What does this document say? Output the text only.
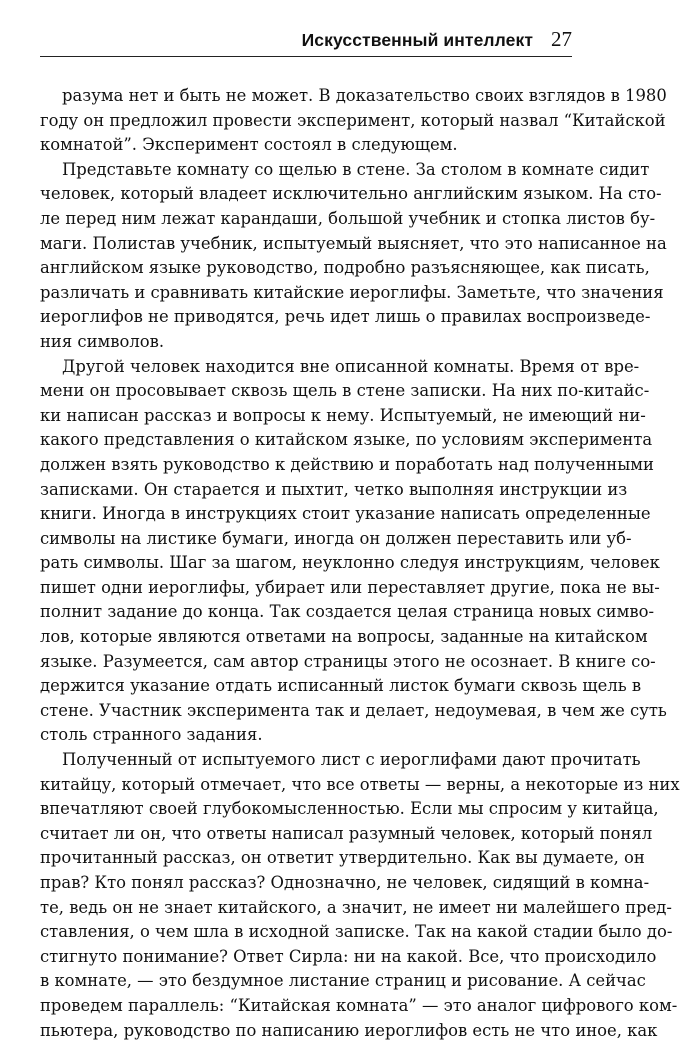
Искусственный интеллект 27

разума нет и быть не может. В доказательство своих взглядов в 1980
году он предложил провести эксперимент, который назвал “Китайской
комнатой”. Эксперимент состоял в следующем.

Представьте комнату со щелью в стене. За столом в комнате сидит
человек, который владеет исключительно английским языком. На сто-
ле перед ним лежат карандаши, большой учебник и стопка листов бу-
маги. Полистав учебник, испытуемый выясняет, что это написанное на
английском языке руководство, подробно разъясняющее, как писать,
различать и сравнивать китайские иероглифы. Заметьте, что значения
иероглифов не приводятся, речь идет лишь о правилах воспроизведе-
ния символов.

Другой человек находится вне описанной комнаты. Время от вре-
мени он просовывает сквозь щель в стене записки. На них по-китайс-
ки написан рассказ и вопросы к нему. Испытуемый, не имеющий ни-
какого представления о китайском языке, по условиям эксперимента
должен взять руководство к действию и поработать над полученными
записками. Он старается и пыхтит, четко выполняя инструкции из
книги. Иногда в инструкциях стоит указание написать определенные
символы на листике бумаги, иногда он должен переставить или уб-
рать символы. Шаг за шагом, неуклонно следуя инструкциям, человек
пишет одни иероглифы, убирает или переставляет другие, пока не вы-
полнит задание до конца. Так создается целая страница новых симво-
лов, которые являются ответами на вопросы, заданные на китайском
языке. Разумеется, сам автор страницы этого не осознает. В книге со-
держится указание отдать исписанный листок бумаги сквозь щель в
стене. Участник эксперимента так и делает, недоумевая, в чем же суть
столь странного задания.

Полученный от испытуемого лист с иероглифами дают прочитать
китайцу, который отмечает, что все ответы — верны, а некоторые из них
впечатляют своей глубокомысленностью. Если мы спросим у китайца,
считает ли он, что ответы написал разумный человек, который понял
прочитанный рассказ, он ответит утвердительно. Как вы думаете, он
прав? Кто понял рассказ? Однозначно, не человек, сидящий в комна-
те, ведь он не знает китайского, а значит, не имеет ни малейшего пред-
ставления, о чем шла в исходной записке. Так на какой стадии было до-
стигнуто понимание? Ответ Сирла: ни на какой. Все, что происходило
в комнате, — это бездумное листание страниц и рисование. А сейчас
проведем параллель: “Китайская комната” — это аналог цифрового ком-
пьютера, руководство по написанию иероглифов есть не что иное, как
